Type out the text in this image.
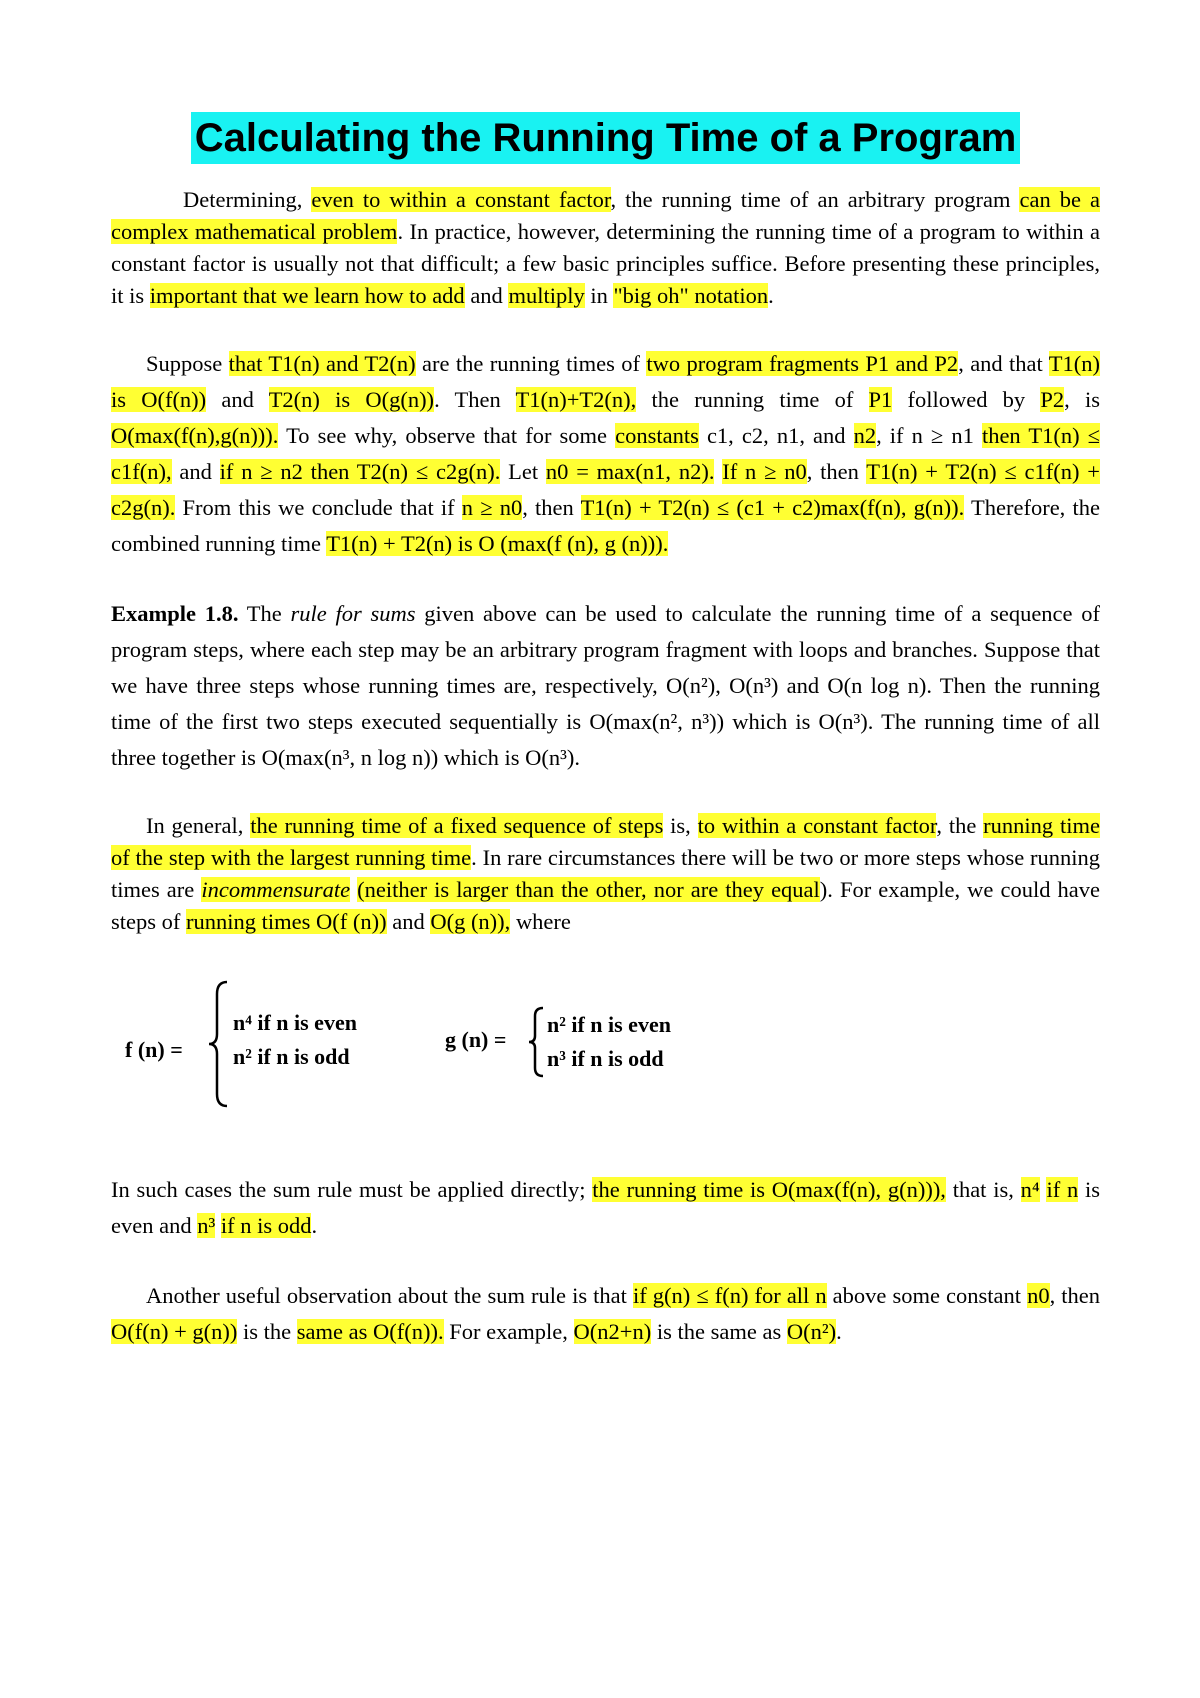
Calculating the Running Time of a Program

Determining, even to within a constant factor, the running time of an arbitrary program can be a complex mathematical problem. In practice, however, determining the running time of a program to within a constant factor is usually not that difficult; a few basic principles suffice. Before presenting these principles, it is important that we learn how to add and multiply in "big oh" notation.

Suppose that T1(n) and T2(n) are the running times of two program fragments P1 and P2, and that T1(n) is O(f(n)) and T2(n) is O(g(n)). Then T1(n)+T2(n), the running time of P1 followed by P2, is O(max(f(n),g(n))). To see why, observe that for some constants c1, c2, n1, and n2, if n ≥ n1 then T1(n) ≤ c1f(n), and if n ≥ n2 then T2(n) ≤ c2g(n). Let n0 = max(n1, n2). If n ≥ n0, then T1(n) + T2(n) ≤ c1f(n) + c2g(n). From this we conclude that if n ≥ n0, then T1(n) + T2(n) ≤ (c1 + c2)max(f(n), g(n)). Therefore, the combined running time T1(n) + T2(n) is O (max(f (n), g (n))).

Example 1.8. The rule for sums given above can be used to calculate the running time of a sequence of program steps, where each step may be an arbitrary program fragment with loops and branches. Suppose that we have three steps whose running times are, respectively, O(n²), O(n³) and O(n log n). Then the running time of the first two steps executed sequentially is O(max(n², n³)) which is O(n³). The running time of all three together is O(max(n³, n log n)) which is O(n³).

In general, the running time of a fixed sequence of steps is, to within a constant factor, the running time of the step with the largest running time. In rare circumstances there will be two or more steps whose running times are incommensurate (neither is larger than the other, nor are they equal). For example, we could have steps of running times O(f (n)) and O(g (n)), where

f (n) =
n⁴ if n is even
n² if n is odd
g (n) =
n² if n is even
n³ if n is odd

In such cases the sum rule must be applied directly; the running time is O(max(f(n), g(n))), that is, n⁴ if n is even and n³ if n is odd.

Another useful observation about the sum rule is that if g(n) ≤ f(n) for all n above some constant n0, then O(f(n) + g(n)) is the same as O(f(n)). For example, O(n2+n) is the same as O(n²).
